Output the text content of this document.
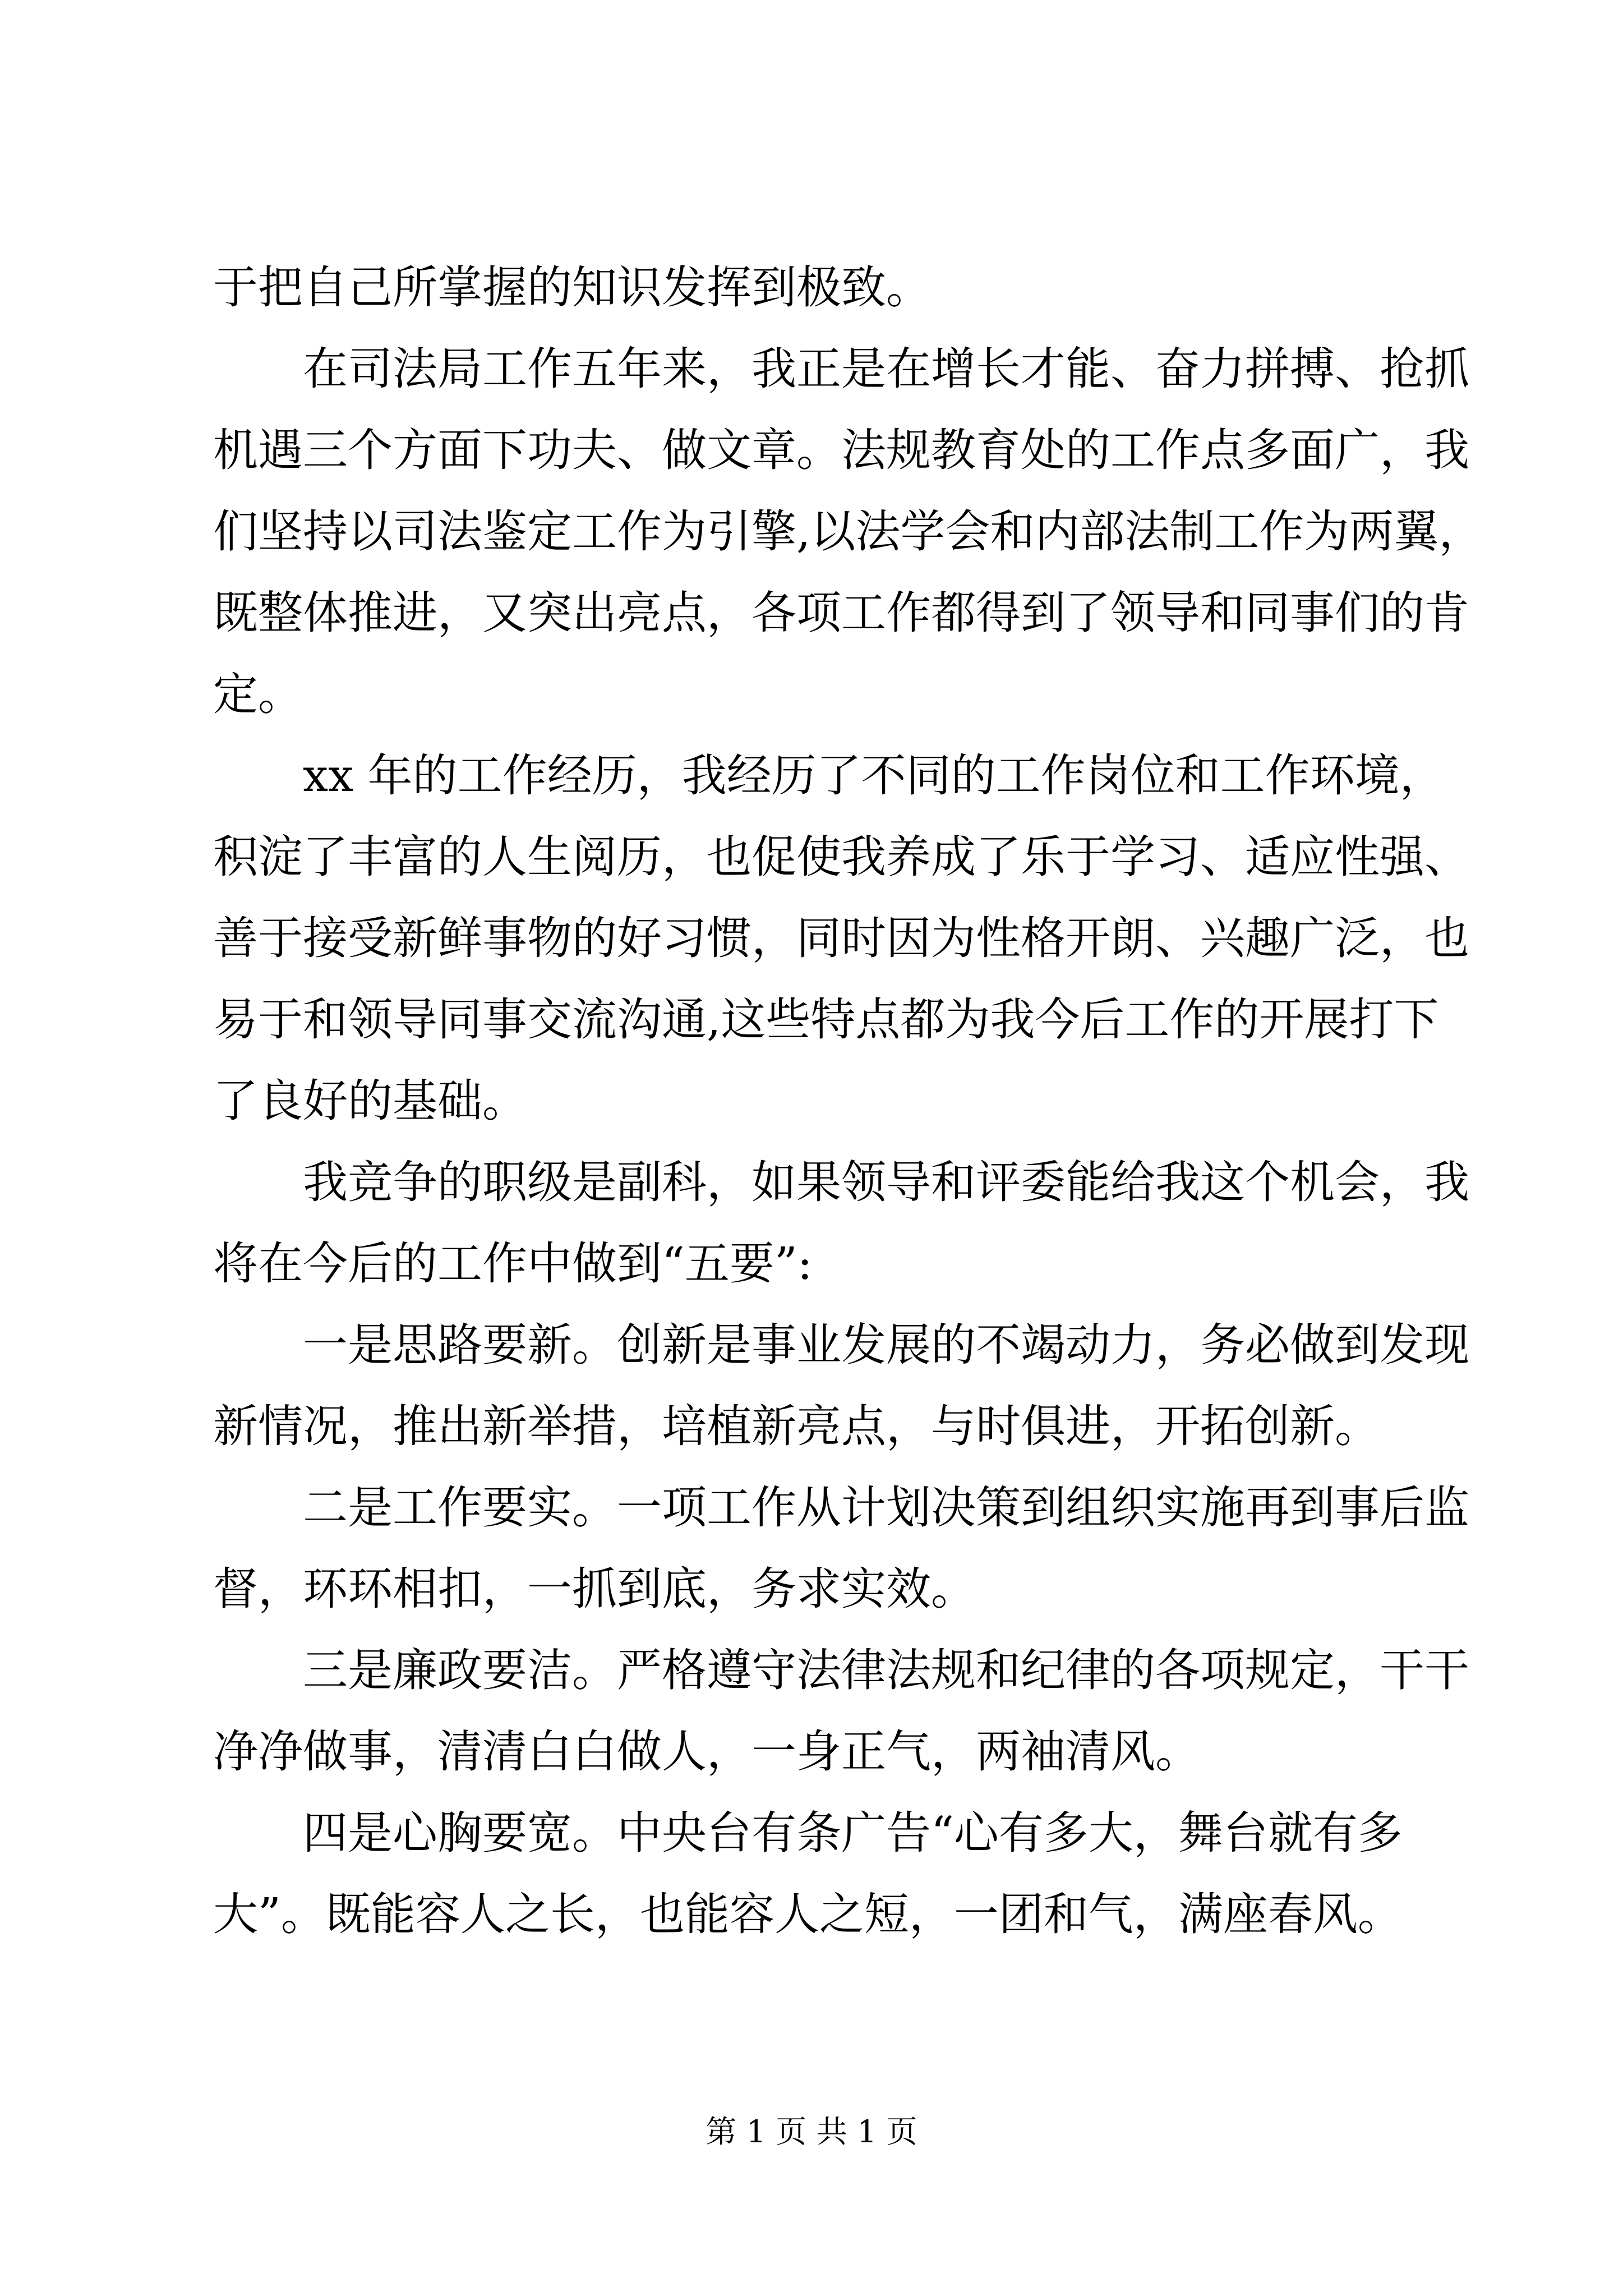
于把自己所掌握的知识发挥到极致。
在司法局工作五年来，我正是在增长才能、奋力拼搏、抢抓
机遇三个方面下功夫、做文章。法规教育处的工作点多面广，我
们坚持以司法鉴定工作为引擎,以法学会和内部法制工作为两翼，
既整体推进，又突出亮点，各项工作都得到了领导和同事们的肯
定。
xx 年的工作经历，我经历了不同的工作岗位和工作环境，
积淀了丰富的人生阅历，也促使我养成了乐于学习、适应性强、
善于接受新鲜事物的好习惯，同时因为性格开朗、兴趣广泛，也
易于和领导同事交流沟通,这些特点都为我今后工作的开展打下
了良好的基础。
我竞争的职级是副科，如果领导和评委能给我这个机会，我
将在今后的工作中做到“五要”:
一是思路要新。创新是事业发展的不竭动力，务必做到发现
新情况，推出新举措，培植新亮点，与时俱进，开拓创新。
二是工作要实。一项工作从计划决策到组织实施再到事后监
督，环环相扣，一抓到底，务求实效。
三是廉政要洁。严格遵守法律法规和纪律的各项规定，干干
净净做事，清清白白做人，一身正气，两袖清风。
四是心胸要宽。中央台有条广告“心有多大，舞台就有多
大”。既能容人之长，也能容人之短，一团和气，满座春风。
第 1 页 共 1 页
